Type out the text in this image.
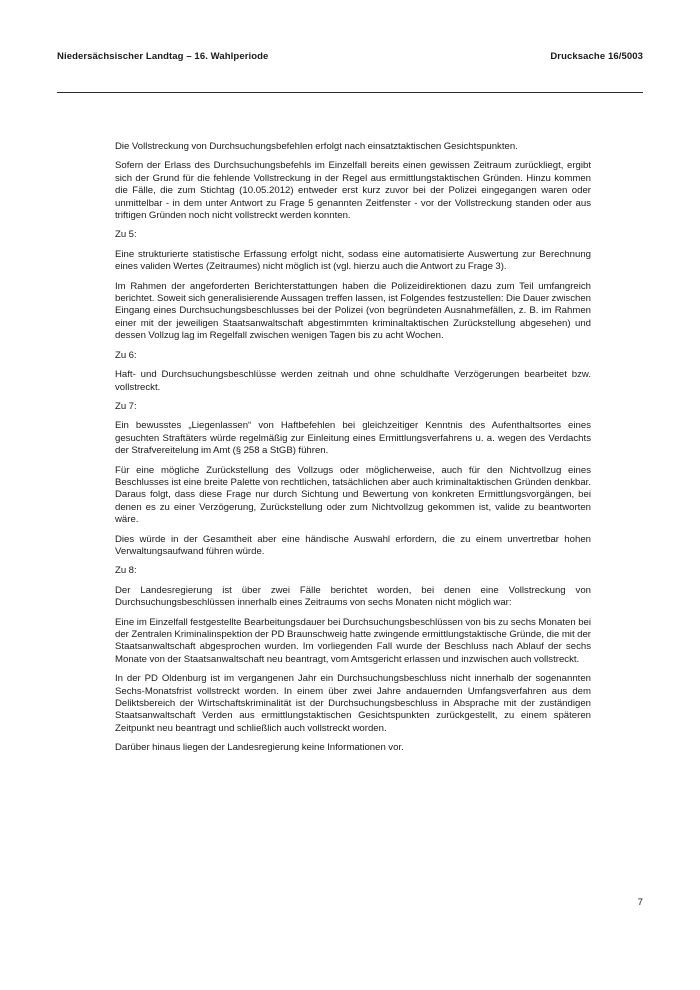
Niedersächsischer Landtag – 16. Wahlperiode	Drucksache 16/5003

Die Vollstreckung von Durchsuchungsbefehlen erfolgt nach einsatztaktischen Gesichtspunkten.

Sofern der Erlass des Durchsuchungsbefehls im Einzelfall bereits einen gewissen Zeitraum zurückliegt, ergibt sich der Grund für die fehlende Vollstreckung in der Regel aus ermittlungstaktischen Gründen. Hinzu kommen die Fälle, die zum Stichtag (10.05.2012) entweder erst kurz zuvor bei der Polizei eingegangen waren oder unmittelbar - in dem unter Antwort zu Frage 5 genannten Zeitfenster - vor der Vollstreckung standen oder aus triftigen Gründen noch nicht vollstreckt werden konnten.

Zu 5:

Eine strukturierte statistische Erfassung erfolgt nicht, sodass eine automatisierte Auswertung zur Berechnung eines validen Wertes (Zeitraumes) nicht möglich ist (vgl. hierzu auch die Antwort zu Frage 3).

Im Rahmen der angeforderten Berichterstattungen haben die Polizeidirektionen dazu zum Teil umfangreich berichtet. Soweit sich generalisierende Aussagen treffen lassen, ist Folgendes festzustellen: Die Dauer zwischen Eingang eines Durchsuchungsbeschlusses bei der Polizei (von begründeten Ausnahmefällen, z. B. im Rahmen einer mit der jeweiligen Staatsanwaltschaft abgestimmten kriminaltaktischen Zurückstellung abgesehen) und dessen Vollzug lag im Regelfall zwischen wenigen Tagen bis zu acht Wochen.

Zu 6:

Haft- und Durchsuchungsbeschlüsse werden zeitnah und ohne schuldhafte Verzögerungen bearbeitet bzw. vollstreckt.

Zu 7:

Ein bewusstes „Liegenlassen“ von Haftbefehlen bei gleichzeitiger Kenntnis des Aufenthaltsortes eines gesuchten Straftäters würde regelmäßig zur Einleitung eines Ermittlungsverfahrens u. a. wegen des Verdachts der Strafvereitelung im Amt (§ 258 a StGB) führen.

Für eine mögliche Zurückstellung des Vollzugs oder möglicherweise, auch für den Nichtvollzug eines Beschlusses ist eine breite Palette von rechtlichen, tatsächlichen aber auch kriminaltaktischen Gründen denkbar. Daraus folgt, dass diese Frage nur durch Sichtung und Bewertung von konkreten Ermittlungsvorgängen, bei denen es zu einer Verzögerung, Zurückstellung oder zum Nichtvollzug gekommen ist, valide zu beantworten wäre.

Dies würde in der Gesamtheit aber eine händische Auswahl erfordern, die zu einem unvertretbar hohen Verwaltungsaufwand führen würde.

Zu 8:

Der Landesregierung ist über zwei Fälle berichtet worden, bei denen eine Vollstreckung von Durchsuchungsbeschlüssen innerhalb eines Zeitraums von sechs Monaten nicht möglich war:

Eine im Einzelfall festgestellte Bearbeitungsdauer bei Durchsuchungsbeschlüssen von bis zu sechs Monaten bei der Zentralen Kriminalinspektion der PD Braunschweig hatte zwingende ermittlungstaktische Gründe, die mit der Staatsanwaltschaft abgesprochen wurden. Im vorliegenden Fall wurde der Beschluss nach Ablauf der sechs Monate von der Staatsanwaltschaft neu beantragt, vom Amtsgericht erlassen und inzwischen auch vollstreckt.

In der PD Oldenburg ist im vergangenen Jahr ein Durchsuchungsbeschluss nicht innerhalb der sogenannten Sechs-Monatsfrist vollstreckt worden. In einem über zwei Jahre andauernden Umfangsverfahren aus dem Deliktsbereich der Wirtschaftskriminalität ist der Durchsuchungsbeschluss in Absprache mit der zuständigen Staatsanwaltschaft Verden aus ermittlungstaktischen Gesichtspunkten zurückgestellt, zu einem späteren Zeitpunkt neu beantragt und schließlich auch vollstreckt worden.

Darüber hinaus liegen der Landesregierung keine Informationen vor.

7
